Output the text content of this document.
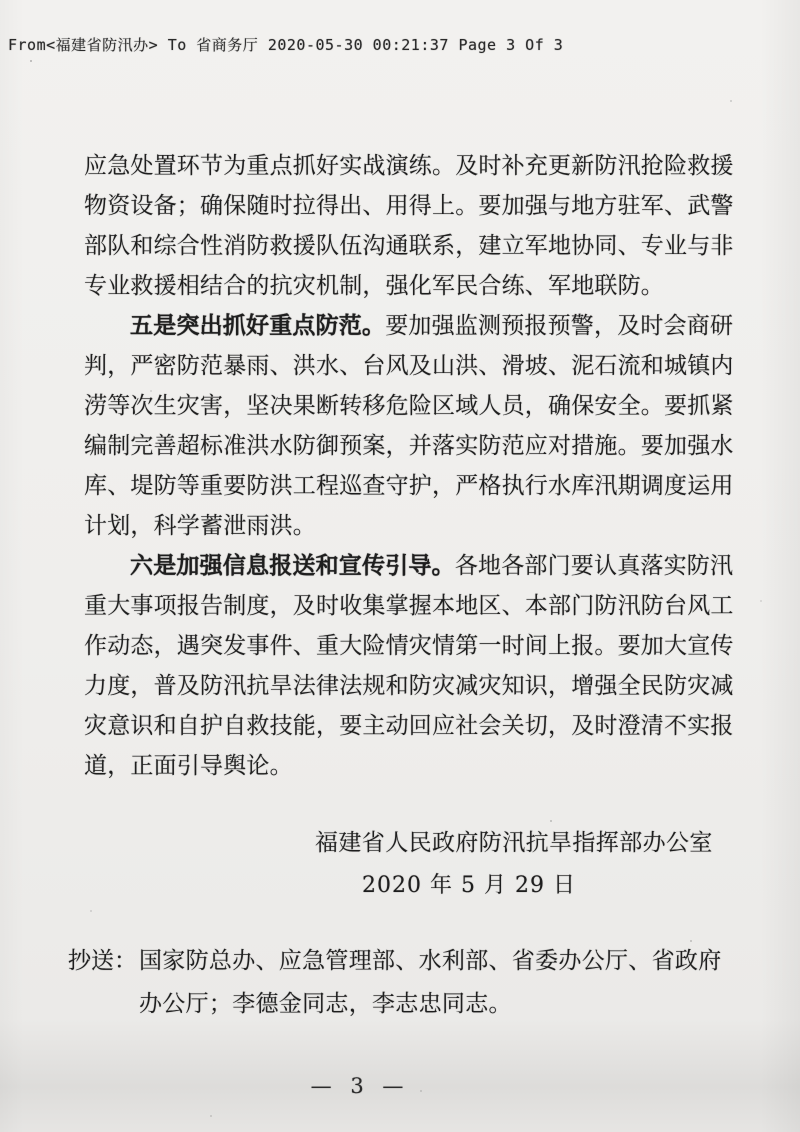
From<福建省防汛办> To 省商务厅 2020-05-30 00:21:37 Page 3 Of 3
应急处置环节为重点抓好实战演练。及时补充更新防汛抢险救援
物资设备；确保随时拉得出、用得上。要加强与地方驻军、武警
部队和综合性消防救援队伍沟通联系，建立军地协同、专业与非
专业救援相结合的抗灾机制，强化军民合练、军地联防。
五是突出抓好重点防范。要加强监测预报预警，及时会商研
判，严密防范暴雨、洪水、台风及山洪、滑坡、泥石流和城镇内
涝等次生灾害，坚决果断转移危险区域人员，确保安全。要抓紧
编制完善超标准洪水防御预案，并落实防范应对措施。要加强水
库、堤防等重要防洪工程巡查守护，严格执行水库汛期调度运用
计划，科学蓄泄雨洪。
六是加强信息报送和宣传引导。各地各部门要认真落实防汛
重大事项报告制度，及时收集掌握本地区、本部门防汛防台风工
作动态，遇突发事件、重大险情灾情第一时间上报。要加大宣传
力度，普及防汛抗旱法律法规和防灾减灾知识，增强全民防灾减
灾意识和自护自救技能，要主动回应社会关切，及时澄清不实报
道，正面引导舆论。
福建省人民政府防汛抗旱指挥部办公室
2020 年 5 月 29 日
抄送： 国家防总办、应急管理部、水利部、省委办公厅、省政府
办公厅；李德金同志，李志忠同志。
— 3 —
